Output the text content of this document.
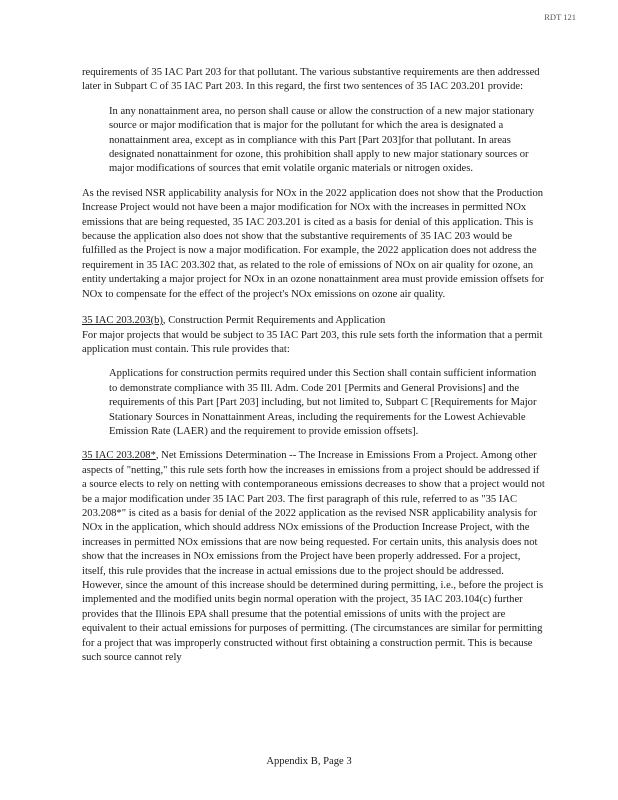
RDT 121

requirements of 35 IAC Part 203 for that pollutant. The various substantive requirements are then addressed later in Subpart C of 35 IAC Part 203. In this regard, the first two sentences of 35 IAC 203.201 provide:

In any nonattainment area, no person shall cause or allow the construction of a new major stationary source or major modification that is major for the pollutant for which the area is designated a nonattainment area, except as in compliance with this Part [Part 203]for that pollutant. In areas designated nonattainment for ozone, this prohibition shall apply to new major stationary sources or major modifications of sources that emit volatile organic materials or nitrogen oxides.

As the revised NSR applicability analysis for NOx in the 2022 application does not show that the Production Increase Project would not have been a major modification for NOx with the increases in permitted NOx emissions that are being requested, 35 IAC 203.201 is cited as a basis for denial of this application. This is because the application also does not show that the substantive requirements of 35 IAC 203 would be fulfilled as the Project is now a major modification. For example, the 2022 application does not address the requirement in 35 IAC 203.302 that, as related to the role of emissions of NOx on air quality for ozone, an entity undertaking a major project for NOx in an ozone nonattainment area must provide emission offsets for NOx to compensate for the effect of the project's NOx emissions on ozone air quality.

35 IAC 203.203(b), Construction Permit Requirements and Application

For major projects that would be subject to 35 IAC Part 203, this rule sets forth the information that a permit application must contain. This rule provides that:

Applications for construction permits required under this Section shall contain sufficient information to demonstrate compliance with 35 Ill. Adm. Code 201 [Permits and General Provisions] and the requirements of this Part [Part 203] including, but not limited to, Subpart C [Requirements for Major Stationary Sources in Nonattainment Areas, including the requirements for the Lowest Achievable Emission Rate (LAER) and the requirement to provide emission offsets].

35 IAC 203.208*, Net Emissions Determination -- The Increase in Emissions From a Project. Among other aspects of "netting," this rule sets forth how the increases in emissions from a project should be addressed if a source elects to rely on netting with contemporaneous emissions decreases to show that a project would not be a major modification under 35 IAC Part 203. The first paragraph of this rule, referred to as "35 IAC 203.208*" is cited as a basis for denial of the 2022 application as the revised NSR applicability analysis for NOx in the application, which should address NOx emissions of the Production Increase Project, with the increases in permitted NOx emissions that are now being requested. For certain units, this analysis does not show that the increases in NOx emissions from the Project have been properly addressed. For a project, itself, this rule provides that the increase in actual emissions due to the project should be addressed. However, since the amount of this increase should be determined during permitting, i.e., before the project is implemented and the modified units begin normal operation with the project, 35 IAC 203.104(c) further provides that the Illinois EPA shall presume that the potential emissions of units with the project are equivalent to their actual emissions for purposes of permitting. (The circumstances are similar for permitting for a project that was improperly constructed without first obtaining a construction permit. This is because such source cannot rely

Appendix B, Page 3
